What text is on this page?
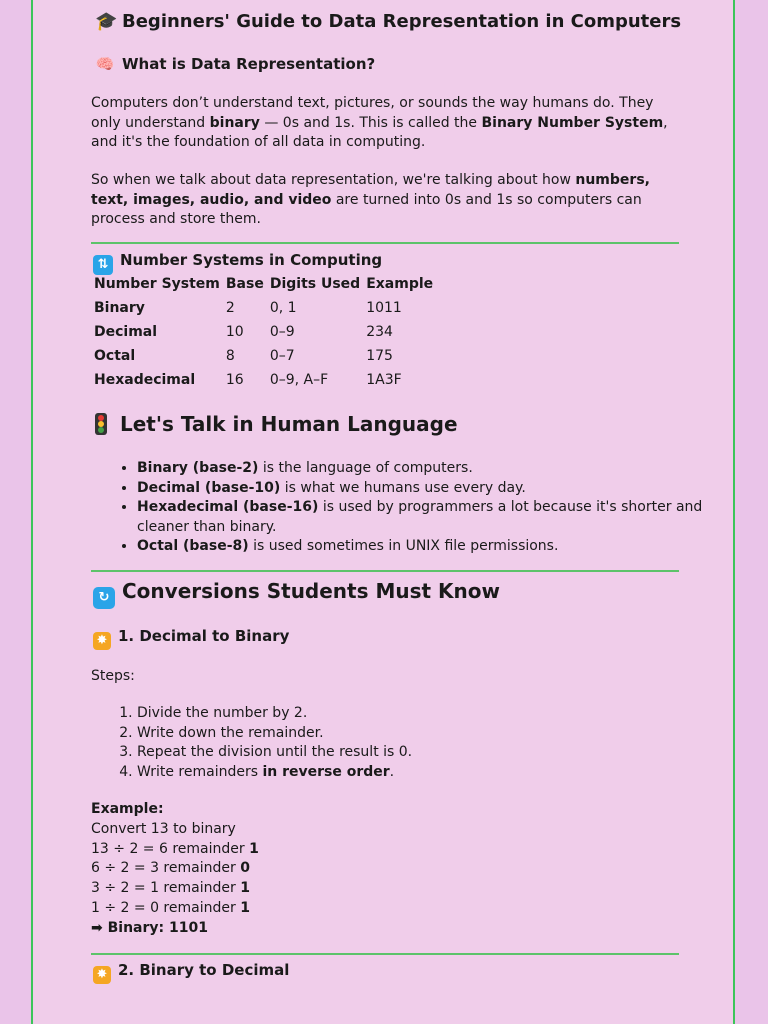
🎓 Beginners' Guide to Data Representation in Computers
🧠 What is Data Representation?

Computers don’t understand text, pictures, or sounds the way humans do. They only understand binary — 0s and 1s. This is called the Binary Number System, and it's the foundation of all data in computing.

So when we talk about data representation, we're talking about how numbers, text, images, audio, and video are turned into 0s and 1s so computers can process and store them.

⇅ Number Systems in Computing
Number System	Base	Digits Used	Example
Binary	2	0, 1	1011
Decimal	10	0–9	234
Octal	8	0–7	175
Hexadecimal	16	0–9, A–F	1A3F
Let's Talk in Human Language
• Binary (base-2) is the language of computers.
• Decimal (base-10) is what we humans use every day.
• Hexadecimal (base-16) is used by programmers a lot because it's shorter and cleaner than binary.
• Octal (base-8) is used sometimes in UNIX file permissions.
↻ Conversions Students Must Know
✸ 1. Decimal to Binary

Steps:

1. Divide the number by 2.
2. Write down the remainder.
3. Repeat the division until the result is 0.
4. Write remainders in reverse order.
Example:
Convert 13 to binary
13 ÷ 2 = 6 remainder 1
6 ÷ 2 = 3 remainder 0
3 ÷ 2 = 1 remainder 1
1 ÷ 2 = 0 remainder 1
➡ Binary: 1101
✸ 2. Binary to Decimal
